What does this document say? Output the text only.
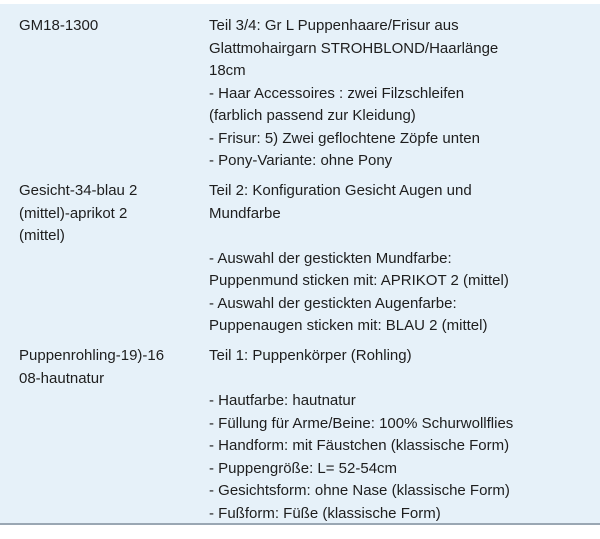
GM18-1300	Teil 3/4: Gr L Puppenhaare/Frisur aus
Glattmohairgarn STROHBLOND/Haarlänge
18cm
- Haar Accessoires : zwei Filzschleifen
(farblich passend zur Kleidung)
- Frisur: 5) Zwei geflochtene Zöpfe unten
- Pony-Variante: ohne Pony
Gesicht-34-blau 2
(mittel)-aprikot 2
(mittel)
Teil 2: Konfiguration Gesicht Augen und
Mundfarbe
- Auswahl der gestickten Mundfarbe:
Puppenmund sticken mit: APRIKOT 2 (mittel)
- Auswahl der gestickten Augenfarbe:
Puppenaugen sticken mit: BLAU 2 (mittel)
Puppenrohling-19)-16
08-hautnatur
Teil 1: Puppenkörper (Rohling)
- Hautfarbe: hautnatur
- Füllung für Arme/Beine: 100% Schurwollflies
- Handform: mit Fäustchen (klassische Form)
- Puppengröße: L= 52-54cm
- Gesichtsform: ohne Nase (klassische Form)
- Fußform: Füße (klassische Form)
